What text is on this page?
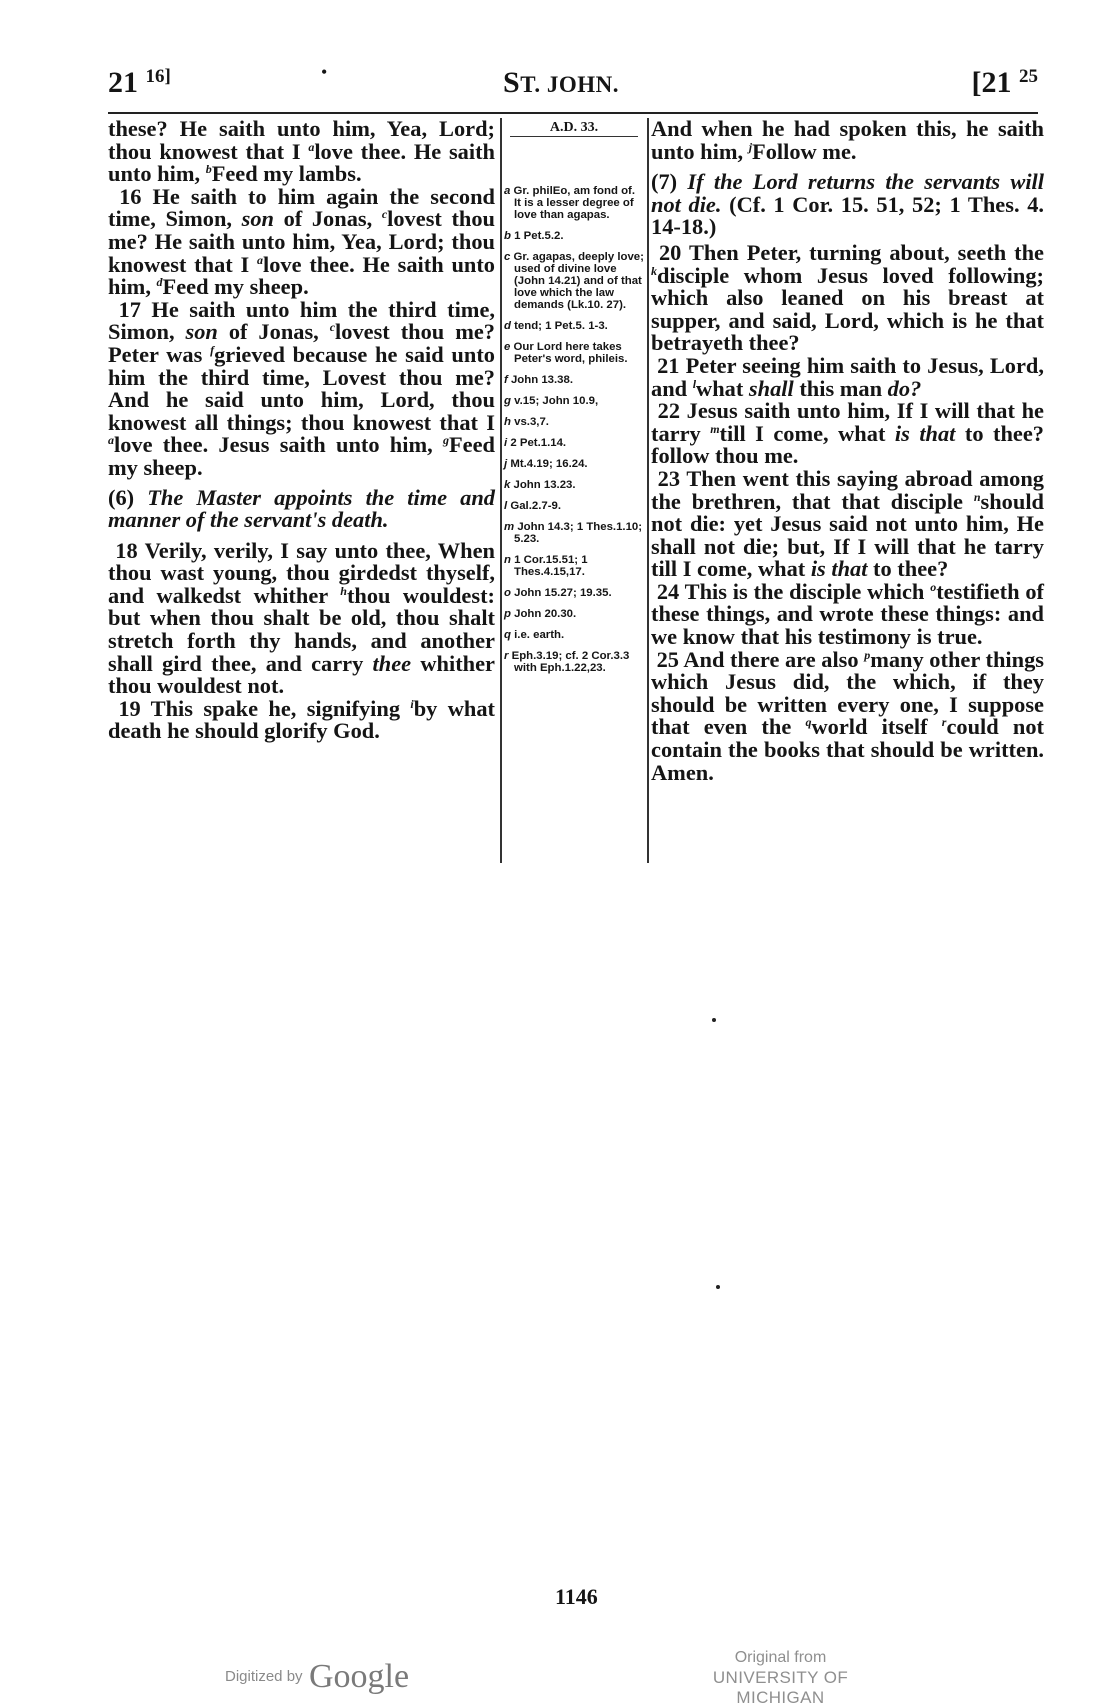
21 $^{16]}$	•	ST. JOHN.	[21 $^{25}$

these? He saith unto him, Yea, Lord; thou knowest that I $^a$love thee. He saith unto him, $^b$Feed my lambs.

16 He saith to him again the second time, Simon, son of Jonas, $^c$lovest thou me? He saith unto him, Yea, Lord; thou knowest that I $^a$love thee. He saith unto him, $^d$Feed my sheep.

17 He saith unto him the third time, Simon, son of Jonas, $^c$lovest thou me? Peter was $^f$grieved because he said unto him the third time, Lovest thou me? And he said unto him, Lord, thou knowest all things; thou knowest that I $^a$love thee. Jesus saith unto him, $^g$Feed my sheep.

(6) The Master appoints the time and manner of the servant's death.

18 Verily, verily, I say unto thee, When thou wast young, thou girdedst thyself, and walkedst whither $^h$thou wouldest: but when thou shalt be old, thou shalt stretch forth thy hands, and another shall gird thee, and carry thee whither thou wouldest not.

19 This spake he, signifying $^i$by what death he should glorify God.

A.D. 33.
a Gr. philEo, am fond of. It is a lesser degree of love than agapas.
b 1 Pet.5.2.
c Gr. agapas, deeply love; used of divine love (John 14.21) and of that love which the law demands (Lk.10. 27).
d tend; 1 Pet.5. 1-3.
e Our Lord here takes Peter's word, phileis.
f John 13.38.
g v.15; John 10.9,
h vs.3,7.
i 2 Pet.1.14.
j Mt.4.19; 16.24.
k John 13.23.
l Gal.2.7-9.
m John 14.3; 1 Thes.1.10; 5.23.
n 1 Cor.15.51; 1 Thes.4.15,17.
o John 15.27; 19.35.
p John 20.30.
q i.e. earth.
r Eph.3.19; cf. 2 Cor.3.3 with Eph.1.22,23.

And when he had spoken this, he saith unto him, $^j$Follow me.

(7) If the Lord returns the servants will not die. (Cf. 1 Cor. 15. 51, 52; 1 Thes. 4. 14-18.)

20 Then Peter, turning about, seeth the $^k$disciple whom Jesus loved following; which also leaned on his breast at supper, and said, Lord, which is he that betrayeth thee?

21 Peter seeing him saith to Jesus, Lord, and $^l$what shall this man do?

22 Jesus saith unto him, If I will that he tarry $^m$till I come, what is that to thee? follow thou me.

23 Then went this saying abroad among the brethren, that that disciple $^n$should not die: yet Jesus said not unto him, He shall not die; but, If I will that he tarry till I come, what is that to thee?

24 This is the disciple which $^o$testifieth of these things, and wrote these things: and we know that his testimony is true.

25 And there are also $^p$many other things which Jesus did, the which, if they should be written every one, I suppose that even the $^q$world itself $^r$could not contain the books that should be written. Amen.

1146
Digitized by Google
Original from
UNIVERSITY OF MICHIGAN
